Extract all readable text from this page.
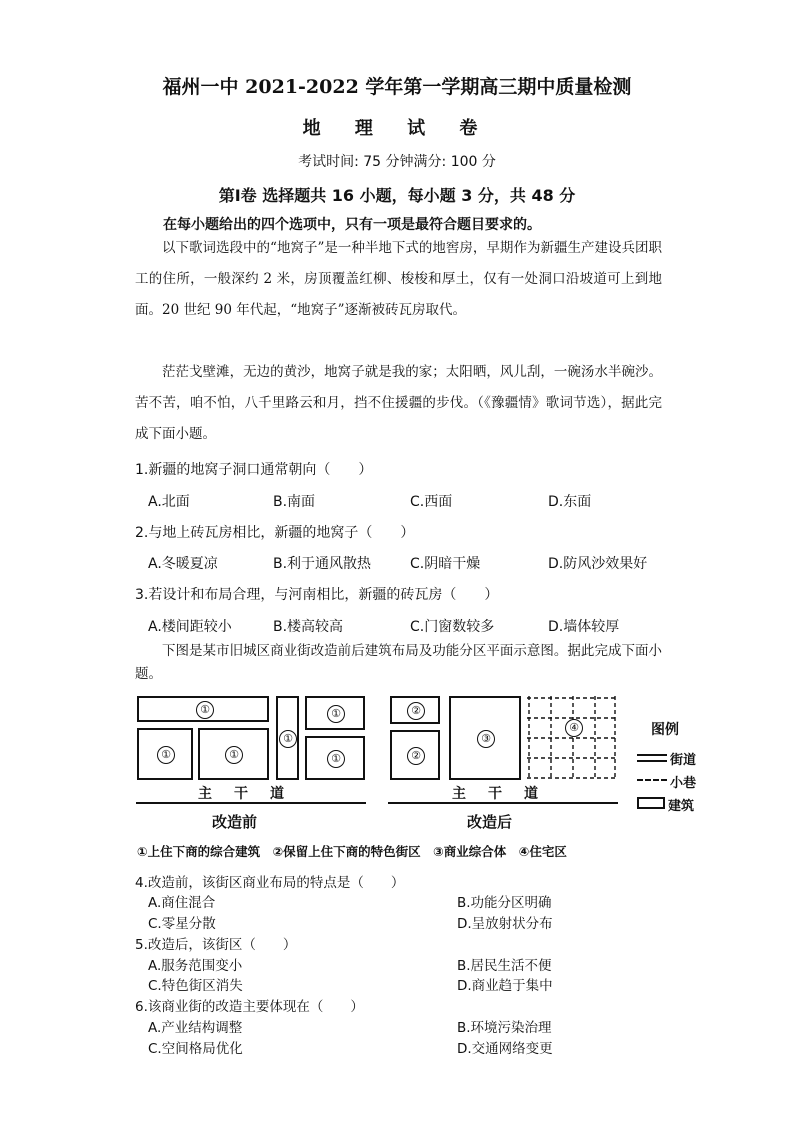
福州一中 2021-2022 学年第一学期高三期中质量检测
地 理 试 卷
考试时间: 75 分钟满分: 100 分
第Ⅰ卷 选择题共 16 小题，每小题 3 分，共 48 分
在每小题给出的四个选项中，只有一项是最符合题目要求的。
以下歌词选段中的“地窝子”是一种半地下式的地窖房，早期作为新疆生产建设兵团职工的住所，一般深约 2 米，房顶覆盖红柳、梭梭和厚土，仅有一处洞口沿坡道可上到地面。20 世纪 90 年代起，“地窝子”逐渐被砖瓦房取代。
茫茫戈壁滩，无边的黄沙，地窝子就是我的家；太阳晒，风儿刮，一碗汤水半碗沙。苦不苦，咱不怕，八千里路云和月，挡不住援疆的步伐。（《豫疆情》歌词节选），据此完成下面小题。
1.新疆的地窝子洞口通常朝向（　　）
A.北面	B.南面	C.西面	D.东面
2.与地上砖瓦房相比，新疆的地窝子（　　）
A.冬暖夏凉	B.利于通风散热	C.阴暗干燥	D.防风沙效果好
3.若设计和布局合理，与河南相比，新疆的砖瓦房（　　）
A.楼间距较小	B.楼高较高	C.门窗数较多	D.墙体较厚
下图是某市旧城区商业街改造前后建筑布局及功能分区平面示意图。据此完成下面小题。
①
①	①
①
①
①
主干道
改造前
②
②
③
④
主干道
改造后
图例
街道
小巷
建筑
①上住下商的综合建筑　②保留上住下商的特色街区　③商业综合体　④住宅区
4.改造前，该街区商业布局的特点是（　　）
A.商住混合	B.功能分区明确
C.零星分散	D.呈放射状分布
5.改造后，该街区（　　）
A.服务范围变小	B.居民生活不便
C.特色街区消失	D.商业趋于集中
6.该商业街的改造主要体现在（　　）
A.产业结构调整	B.环境污染治理
C.空间格局优化	D.交通网络变更
